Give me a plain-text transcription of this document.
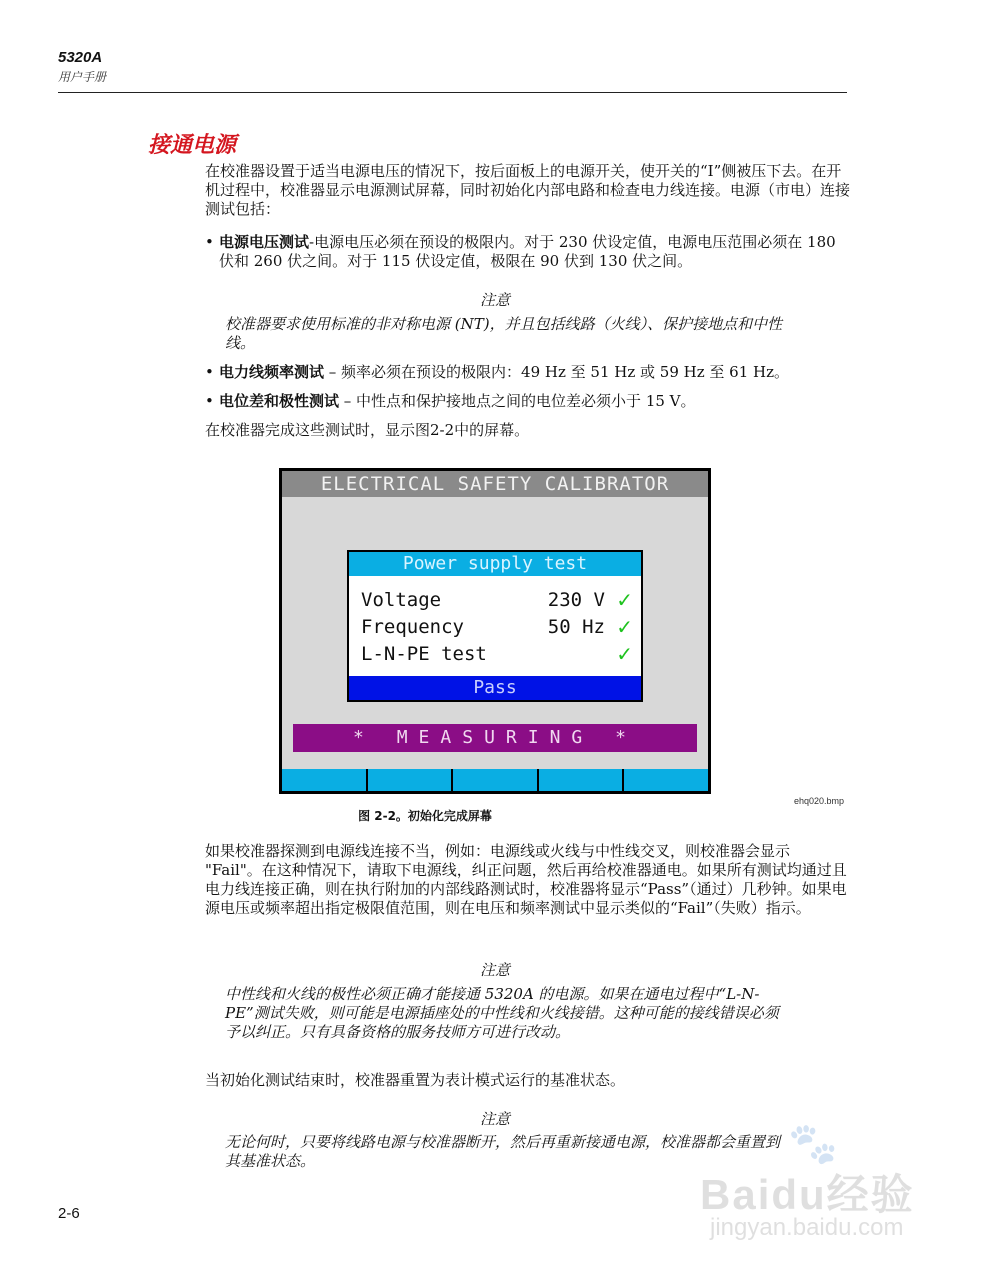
5320A
用户手册
接通电源
在校准器设置于适当电源电压的情况下，按后面板上的电源开关，使开关的“I”侧被压下去。在开机过程中，校准器显示电源测试屏幕，同时初始化内部电路和检查电力线连接。电源（市电）连接测试包括：
• 电源电压测试-电源电压必须在预设的极限内。对于 230 伏设定值，电源电压范围必须在 180 伏和 260 伏之间。对于 115 伏设定值，极限在 90 伏到 130 伏之间。
注意
校准器要求使用标准的非对称电源 (NT)，并且包括线路（火线）、保护接地点和中性线。
• 电力线频率测试 – 频率必须在预设的极限内：49 Hz 至 51 Hz 或 59 Hz 至 61 Hz。
• 电位差和极性测试 – 中性点和保护接地点之间的电位差必须小于 15 V。
在校准器完成这些测试时，显示图2-2中的屏幕。
ELECTRICAL SAFETY CALIBRATOR
Power supply test
Voltage	230 V ✓
Frequency	50 Hz ✓
L-N-PE test	✓
Pass
* MEASURING *
ehq020.bmp
图 2-2。初始化完成屏幕
如果校准器探测到电源线连接不当，例如：电源线或火线与中性线交叉，则校准器会显示 "Fail"。在这种情况下，请取下电源线，纠正问题，然后再给校准器通电。如果所有测试均通过且电力线连接正确，则在执行附加的内部线路测试时，校准器将显示“Pass”（通过）几秒钟。如果电源电压或频率超出指定极限值范围，则在电压和频率测试中显示类似的“Fail”（失败）指示。
注意
中性线和火线的极性必须正确才能接通 5320A 的电源。如果在通电过程中“L-N-PE”测试失败，则可能是电源插座处的中性线和火线接错。这种可能的接线错误必须予以纠正。只有具备资格的服务技师方可进行改动。
当初始化测试结束时，校准器重置为表计模式运行的基准状态。
注意
无论何时，只要将线路电源与校准器断开，然后再重新接通电源，校准器都会重置到其基准状态。
2-6
🐾
Baidu经验
jingyan.baidu.com
